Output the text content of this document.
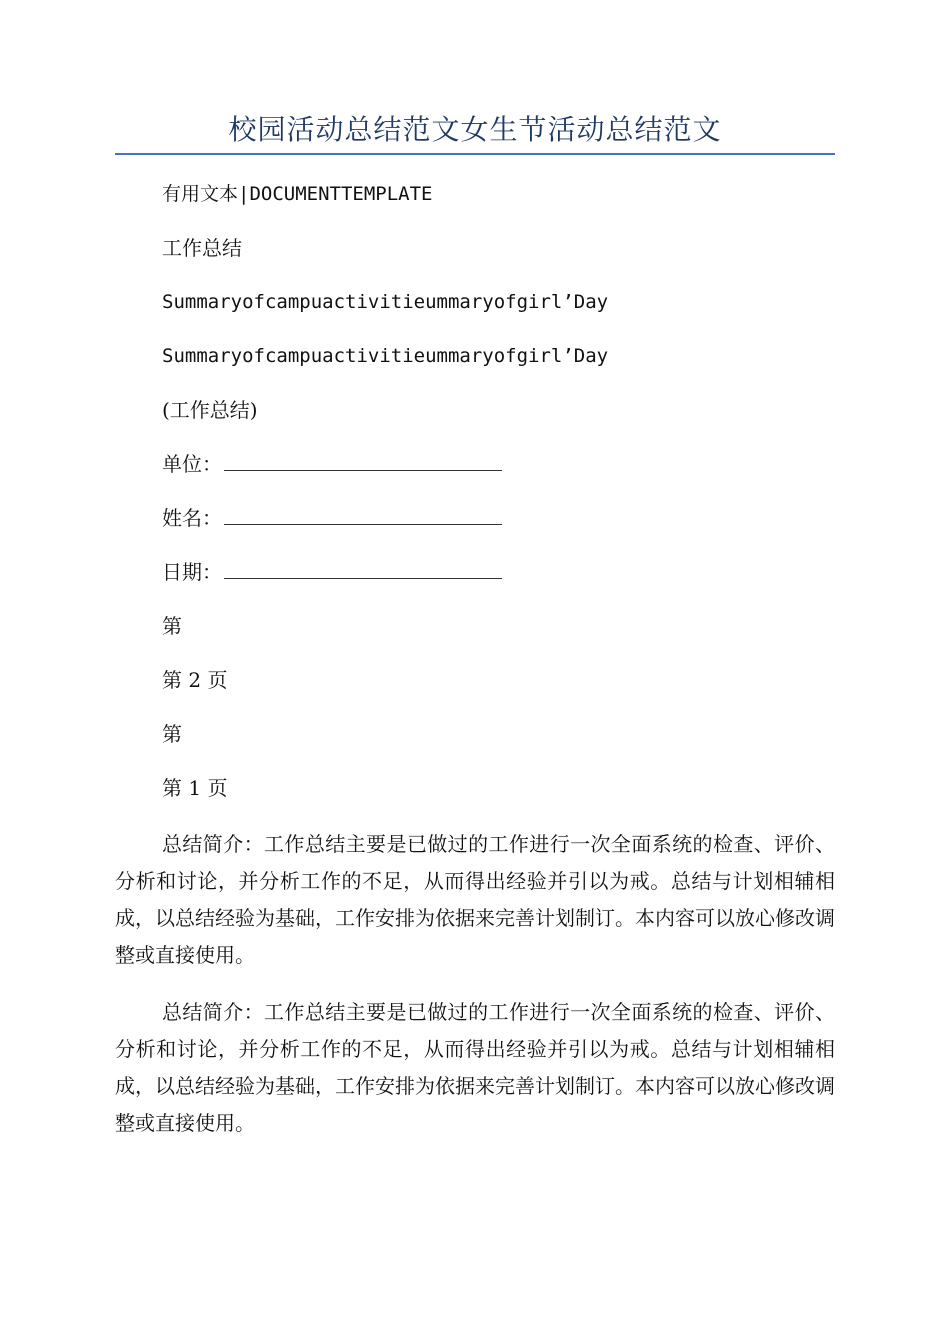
校园活动总结范文女生节活动总结范文
有用文本|DOCUMENTTEMPLATE
工作总结
Summaryofcampuactivitieummaryofgirl’Day
Summaryofcampuactivitieummaryofgirl’Day
(工作总结)
单位：
姓名：
日期：
第
第 2 页
第
第 1 页
总结简介：工作总结主要是已做过的工作进行一次全面系统的检查、评价、分析和讨论，并分析工作的不足，从而得出经验并引以为戒。总结与计划相辅相成，以总结经验为基础，工作安排为依据来完善计划制订。本内容可以放心修改调整或直接使用。
总结简介：工作总结主要是已做过的工作进行一次全面系统的检查、评价、分析和讨论，并分析工作的不足，从而得出经验并引以为戒。总结与计划相辅相成，以总结经验为基础，工作安排为依据来完善计划制订。本内容可以放心修改调整或直接使用。
